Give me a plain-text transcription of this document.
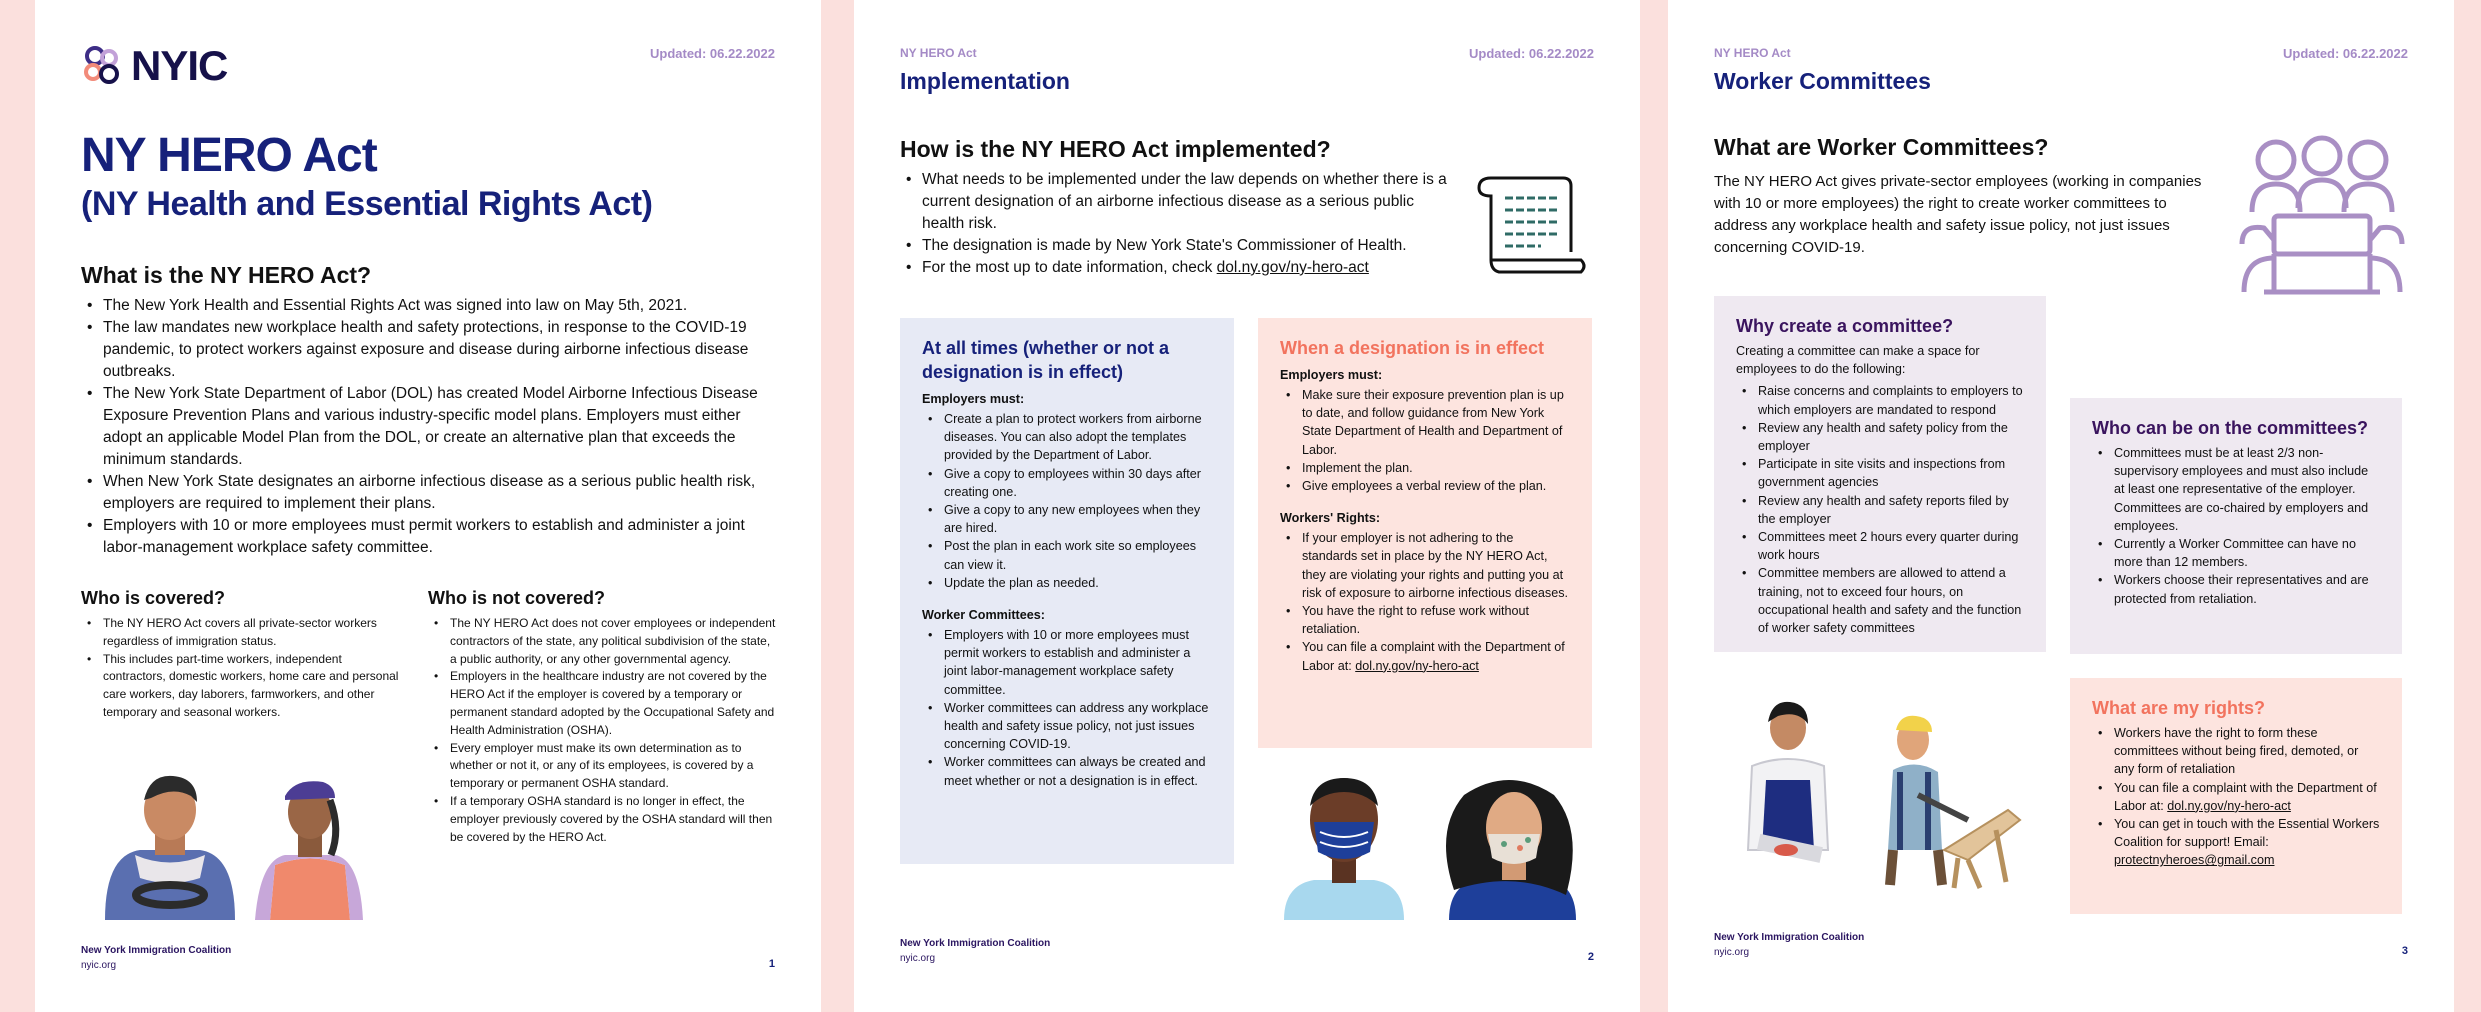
NYIC	Updated: 06.22.2022
NY HERO Act
(NY Health and Essential Rights Act)
What is the NY HERO Act?
• The New York Health and Essential Rights Act was signed into law on May 5th, 2021.
• The law mandates new workplace health and safety protections, in response to the COVID-19 pandemic, to protect workers against exposure and disease during airborne infectious disease outbreaks.
• The New York State Department of Labor (DOL) has created Model Airborne Infectious Disease Exposure Prevention Plans and various industry-specific model plans. Employers must either adopt an applicable Model Plan from the DOL, or create an alternative plan that exceeds the minimum standards.
• When New York State designates an airborne infectious disease as a serious public health risk, employers are required to implement their plans.
• Employers with 10 or more employees must permit workers to establish and administer a joint labor-management workplace safety committee.
Who is covered?
• The NY HERO Act covers all private-sector workers regardless of immigration status.
• This includes part-time workers, independent contractors, domestic workers, home care and personal care workers, day laborers, farmworkers, and other temporary and seasonal workers.
Who is not covered?
• The NY HERO Act does not cover employees or independent contractors of the state, any political subdivision of the state, a public authority, or any other governmental agency.
• Employers in the healthcare industry are not covered by the HERO Act if the employer is covered by a temporary or permanent standard adopted by the Occupational Safety and Health Administration (OSHA).
• Every employer must make its own determination as to whether or not it, or any of its employees, is covered by a temporary or permanent OSHA standard.
• If a temporary OSHA standard is no longer in effect, the employer previously covered by the OSHA standard will then be covered by the HERO Act.
New York Immigration Coalition
nyic.org	1
NY HERO Act	Updated: 06.22.2022
Implementation
How is the NY HERO Act implemented?
• What needs to be implemented under the law depends on whether there is a current designation of an airborne infectious disease as a serious public health risk.
• The designation is made by New York State's Commissioner of Health.
• For the most up to date information, check dol.ny.gov/ny-hero-act
At all times (whether or not a designation is in effect)
Employers must:
• Create a plan to protect workers from airborne diseases. You can also adopt the templates provided by the Department of Labor.
• Give a copy to employees within 30 days after creating one.
• Give a copy to any new employees when they are hired.
• Post the plan in each work site so employees can view it.
• Update the plan as needed.
Worker Committees:
• Employers with 10 or more employees must permit workers to establish and administer a joint labor-management workplace safety committee.
• Worker committees can address any workplace health and safety issue policy, not just issues concerning COVID-19.
• Worker committees can always be created and meet whether or not a designation is in effect.
When a designation is in effect
Employers must:
• Make sure their exposure prevention plan is up to date, and follow guidance from New York State Department of Health and Department of Labor.
• Implement the plan.
• Give employees a verbal review of the plan.
Workers' Rights:
• If your employer is not adhering to the standards set in place by the NY HERO Act, they are violating your rights and putting you at risk of exposure to airborne infectious diseases.
• You have the right to refuse work without retaliation.
• You can file a complaint with the Department of Labor at: dol.ny.gov/ny-hero-act
New York Immigration Coalition
nyic.org	2
NY HERO Act	Updated: 06.22.2022
Worker Committees
What are Worker Committees?

The NY HERO Act gives private-sector employees (working in companies with 10 or more employees) the right to create worker committees to address any workplace health and safety issue policy, not just issues concerning COVID-19.

Why create a committee?

Creating a committee can make a space for employees to do the following:

• Raise concerns and complaints to employers to which employers are mandated to respond
• Review any health and safety policy from the employer
• Participate in site visits and inspections from government agencies
• Review any health and safety reports filed by the employer
• Committees meet 2 hours every quarter during work hours
• Committee members are allowed to attend a training, not to exceed four hours, on occupational health and safety and the function of worker safety committees
Who can be on the committees?
• Committees must be at least 2/3 non-supervisory employees and must also include at least one representative of the employer. Committees are co-chaired by employers and employees.
• Currently a Worker Committee can have no more than 12 members.
• Workers choose their representatives and are protected from retaliation.
What are my rights?
• Workers have the right to form these committees without being fired, demoted, or any form of retaliation
• You can file a complaint with the Department of Labor at: dol.ny.gov/ny-hero-act
• You can get in touch with the Essential Workers Coalition for support! Email: protectnyheroes@gmail.com
New York Immigration Coalition
nyic.org	3
